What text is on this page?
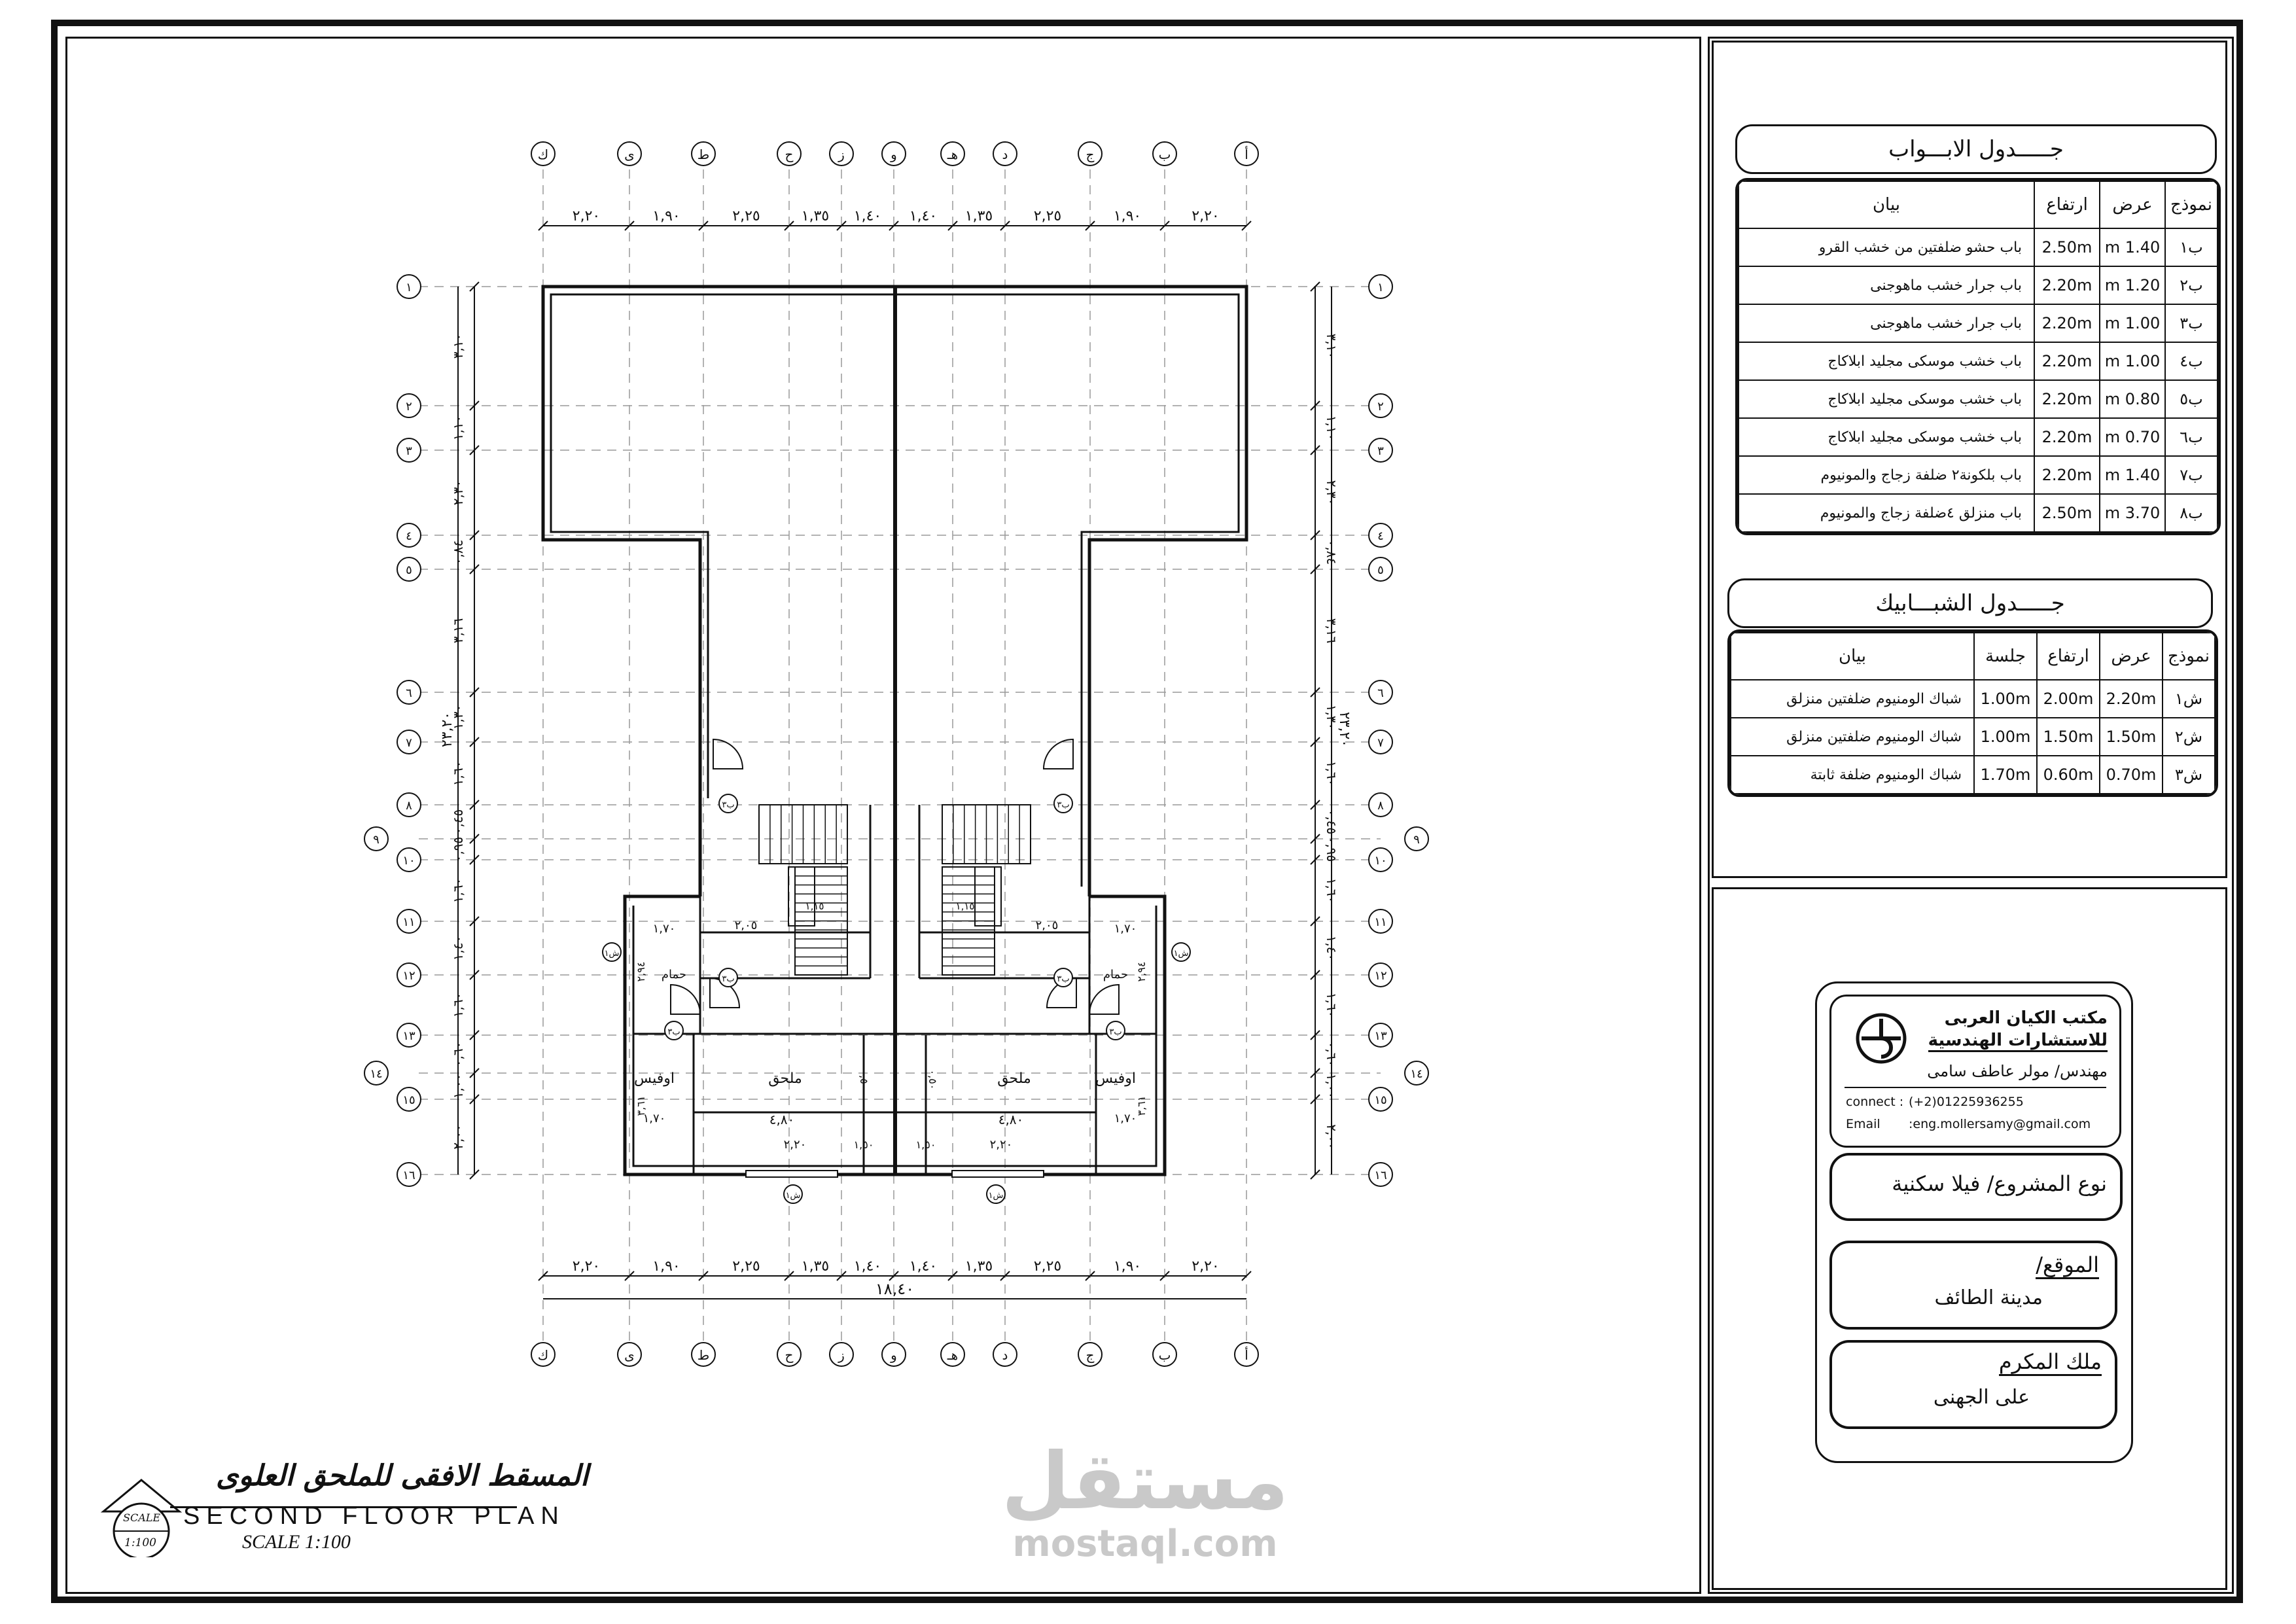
ك
ك
ى
ى
ط
ط
ح
ح
ز
ز
و
و
هـ
هـ
د
د
ج
ج
ب
ب
أ
أ
١	١
٢	٢
٣	٣
٤	٤
٥	٥
٦	٦
٧	٧
٨	٨
٩	٩
١٠	١٠
١١	١١
١٢	١٢
١٣	١٣
١٤	١٤
١٥	١٥
١٦	١٦
٢,٢٠	١,٩٠	٢,٢٥	١,٣٥ ١,٤٠ ١,٤٠ ١,٣٥	٢,٢٥	١,٩٠	٢,٢٠
٢,٢٠	١,٩٠	٢,٢٥	١,٣٥ ١,٤٠ ١,٤٠ ١,٣٥	٢,٢٥	١,٩٠	٢,٢٠
١٨,٤٠
٣,١٠
١,١٠
٢,٣٠
٠,٨٤
٣,١٦
١,٣٠
١,٦٠
٠,٤٥
٠,٩٥
١,٦٠
١,٤٠
١,٦٠
٠,٦٠
١,٠٠
٢,٠٠
٣,١٠
١,١٠
٢,٣٠
٠,٨٤
٣,١٦
١,٣٠
١,٦٠
٠,٤٥
٠,٩٥
١,٦٠
١,٤٠
١,٦٠
٠,٦٠
١,٠٠
٢,٠٠
٢٣,٢٠	٢٣,٢٠
ب٣	ب٣
ب٣	ب٣
ب٣	ب٣
ش١	ش١
ش١	ش١
اوفيس	ملحق	ملحق	اوفيس
حمام	حمام
٤,٨٠	٤,٨٠
١,٧٠	١,٧٠
١,٧٠	١,٧٠
٢,٠٥	٢,٠٥
٢,٢٠	٢,٢٠
١,٥٠	١,٥٠
٠,٥٠	٠,٥٠
٢,٩٤	٢,٩٤
٣,٦١	٣,٦١
١,١٥	١,١٥
SCALE
1:100
المسقط الافقى للملحق العلوى
SECOND FLOOR PLAN
SCALE 1:100
مستقل
mostaql.com
جـــــدول الابـــواب
نموذج	عرض	ارتفاع	بيان
ب١	1.40 m	2.50m	باب حشو ضلفتين من خشب القرو
ب٢	1.20 m	2.20m	باب جرار خشب ماهوجنى
ب٣	1.00 m	2.20m	باب جرار خشب ماهوجنى
ب٤	1.00 m	2.20m	باب خشب موسكى مجليد ابلاكاج
ب٥	0.80 m	2.20m	باب خشب موسكى مجليد ابلاكاج
ب٦	0.70 m	2.20m	باب خشب موسكى مجليد ابلاكاج
ب٧	1.40 m	2.20m	باب بلكونة٢ ضلفة زجاج والمونيوم
ب٨	3.70 m	2.50m	باب منزلق ٤ضلفة زجاج والمونيوم
جـــــدول الشبـــابيك
نموذج	عرض	ارتفاع	جلسة	بيان
ش١	2.20m	2.00m	1.00m	شباك الومنيوم ضلفتين منزلق
ش٢	1.50m	1.50m	1.00m	شباك الومنيوم ضلفتين منزلق
ش٣	0.70m	0.60m	1.70m	شباك الومنيوم ضلفة ثابتة
مكتب الكيان العربى
للاستشارات الهندسية
مهندس/ مولر عاطف سامى
connect : (+2)01225936255
Email :eng.mollersamy@gmail.com
نوع المشروع/ فيلا سكنية
الموقع/
مدينة الطائف
ملك المكرم
على الجهنى
